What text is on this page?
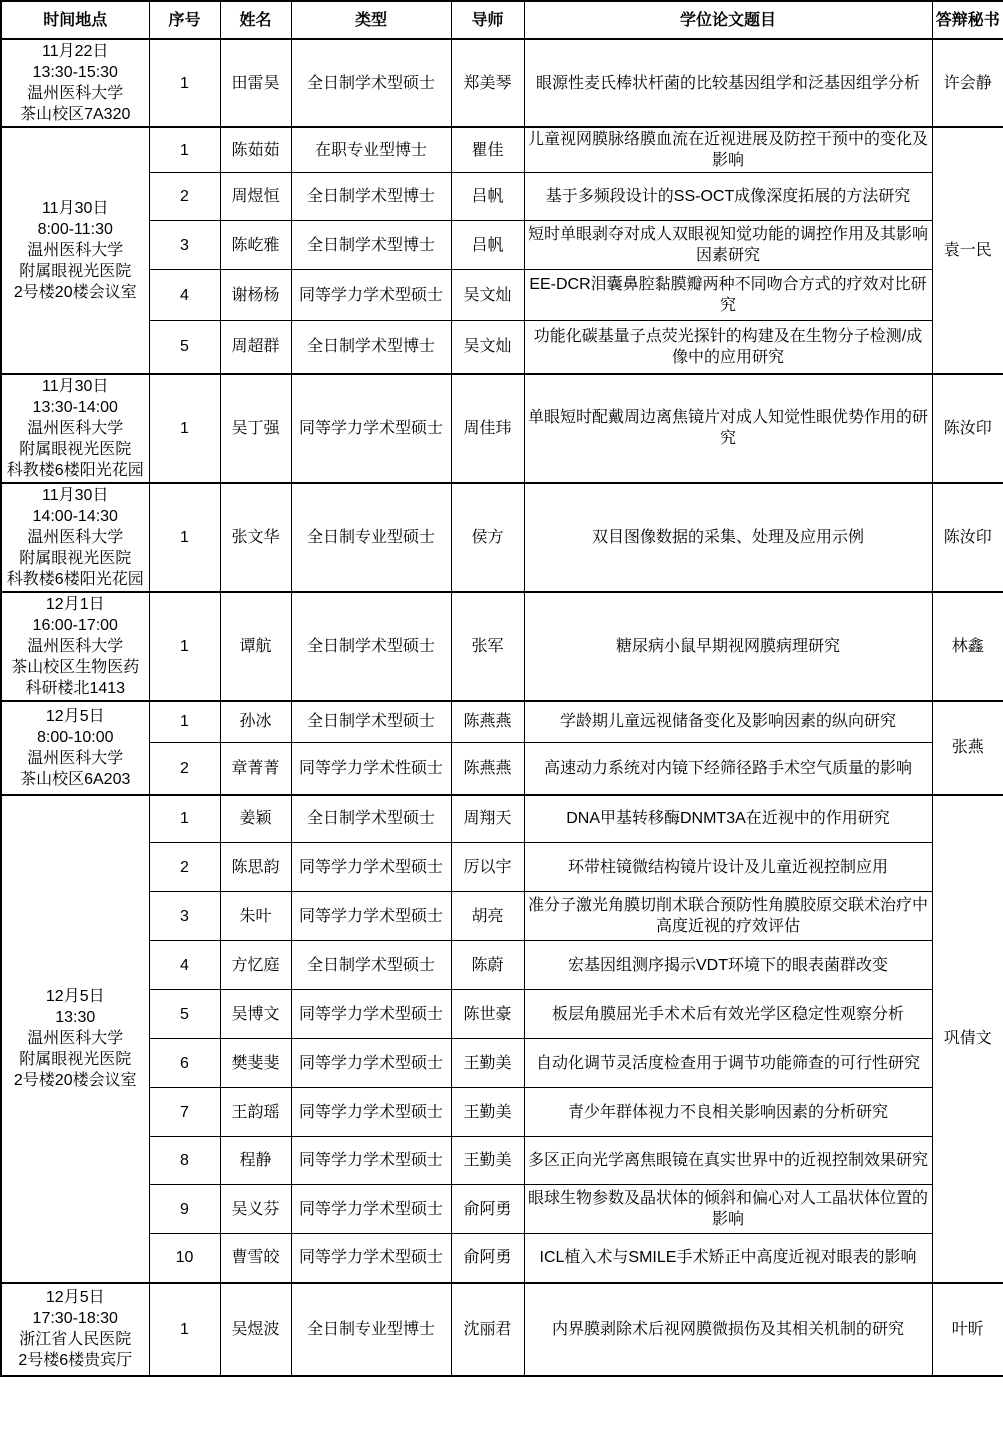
时间地点	序号	姓名	类型	导师	学位论文题目	答辩秘书

11月22日
13:30-15:30
温州医科大学
茶山校区7A320	1	田雷昊	全日制学术型硕士	郑美琴	眼源性麦氏棒状杆菌的比较基因组学和泛基因组学分析	许会静

11月30日
8:00-11:30
温州医科大学
附属眼视光医院
2号楼20楼会议室	1	陈茹茹	在职专业型博士	瞿佳	儿童视网膜脉络膜血流在近视进展及防控干预中的变化及影响	袁一民
	2	周煜恒	全日制学术型博士	吕帆	基于多频段设计的SS-OCT成像深度拓展的方法研究	
	3	陈屹雅	全日制学术型博士	吕帆	短时单眼剥夺对成人双眼视知觉功能的调控作用及其影响因素研究	
	4	谢杨杨	同等学力学术型硕士	吴文灿	EE-DCR泪囊鼻腔黏膜瓣两种不同吻合方式的疗效对比研究	
	5	周超群	全日制学术型博士	吴文灿	功能化碳基量子点荧光探针的构建及在生物分子检测/成像中的应用研究	

11月30日
13:30-14:00
温州医科大学
附属眼视光医院
科教楼6楼阳光花园	1	吴丁强	同等学力学术型硕士	周佳玮	单眼短时配戴周边离焦镜片对成人知觉性眼优势作用的研究	陈汝印

11月30日
14:00-14:30
温州医科大学
附属眼视光医院
科教楼6楼阳光花园	1	张文华	全日制专业型硕士	侯方	双目图像数据的采集、处理及应用示例	陈汝印

12月1日
16:00-17:00
温州医科大学
茶山校区生物医药
科研楼北1413	1	谭航	全日制学术型硕士	张军	糖尿病小鼠早期视网膜病理研究	林鑫

12月5日
8:00-10:00
温州医科大学
茶山校区6A203	1	孙冰	全日制学术型硕士	陈燕燕	学龄期儿童远视储备变化及影响因素的纵向研究	张燕
	2	章菁菁	同等学力学术性硕士	陈燕燕	高速动力系统对内镜下经筛径路手术空气质量的影响	

12月5日
13:30
温州医科大学
附属眼视光医院
2号楼20楼会议室	1	姜颖	全日制学术型硕士	周翔天	DNA甲基转移酶DNMT3A在近视中的作用研究	巩倩文
	2	陈思韵	同等学力学术型硕士	厉以宇	环带柱镜微结构镜片设计及儿童近视控制应用	
	3	朱叶	同等学力学术型硕士	胡亮	准分子激光角膜切削术联合预防性角膜胶原交联术治疗中高度近视的疗效评估	
	4	方忆庭	全日制学术型硕士	陈蔚	宏基因组测序揭示VDT环境下的眼表菌群改变	
	5	吴博文	同等学力学术型硕士	陈世豪	板层角膜屈光手术术后有效光学区稳定性观察分析	
	6	樊斐斐	同等学力学术型硕士	王勤美	自动化调节灵活度检查用于调节功能筛查的可行性研究	
	7	王韵瑶	同等学力学术型硕士	王勤美	青少年群体视力不良相关影响因素的分析研究	
	8	程静	同等学力学术型硕士	王勤美	多区正向光学离焦眼镜在真实世界中的近视控制效果研究	
	9	吴义芬	同等学力学术型硕士	俞阿勇	眼球生物参数及晶状体的倾斜和偏心对人工晶状体位置的影响	
	10	曹雪皎	同等学力学术型硕士	俞阿勇	ICL植入术与SMILE手术矫正中高度近视对眼表的影响	

12月5日
17:30-18:30
浙江省人民医院
2号楼6楼贵宾厅	1	吴煜波	全日制专业型博士	沈丽君	内界膜剥除术后视网膜微损伤及其相关机制的研究	叶昕
